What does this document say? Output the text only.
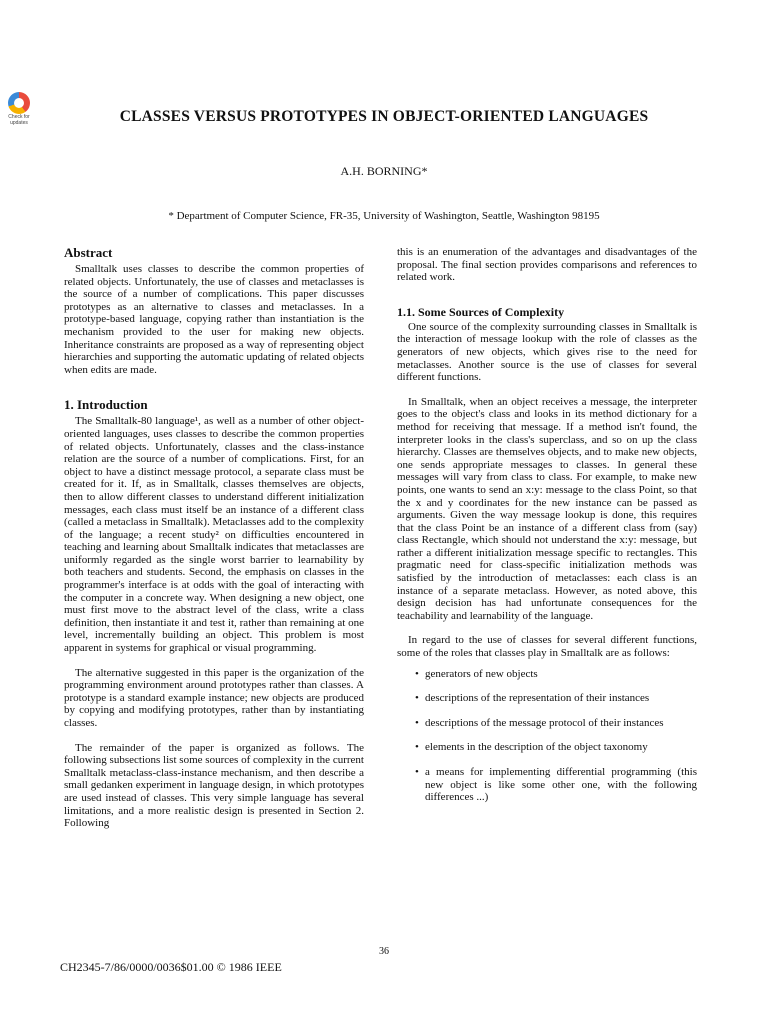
Check for
updates	CLASSES VERSUS PROTOTYPES IN OBJECT-ORIENTED LANGUAGES
A.H. BORNING*
* Department of Computer Science, FR-35, University of Washington, Seattle, Washington 98195
Abstract

Smalltalk uses classes to describe the common properties of related objects. Unfortunately, the use of classes and metaclasses is the source of a number of complications. This paper discusses prototypes as an alternative to classes and metaclasses. In a prototype-based language, copying rather than instantiation is the mechanism provided to the user for making new objects. Inheritance constraints are proposed as a way of representing object hierarchies and supporting the automatic updating of related objects when edits are made.

1. Introduction

The Smalltalk-80 language¹, as well as a number of other object-oriented languages, uses classes to describe the common properties of related objects. Unfortunately, classes and the class-instance relation are the source of a number of complications. First, for an object to have a distinct message protocol, a separate class must be created for it. If, as in Smalltalk, classes themselves are objects, then to allow different classes to understand different initialization messages, each class must itself be an instance of a different class (called a metaclass in Smalltalk). Metaclasses add to the complexity of the language; a recent study² on difficulties encountered in teaching and learning about Smalltalk indicates that metaclasses are uniformly regarded as the single worst barrier to learnability by both teachers and students. Second, the emphasis on classes in the programmer's interface is at odds with the goal of interacting with the computer in a concrete way. When designing a new object, one must first move to the abstract level of the class, write a class definition, then instantiate it and test it, rather than remaining at one level, incrementally building an object. This problem is most apparent in systems for graphical or visual programming.

The alternative suggested in this paper is the organization of the programming environment around prototypes rather than classes. A prototype is a standard example instance; new objects are produced by copying and modifying prototypes, rather than by instantiating classes.

The remainder of the paper is organized as follows. The following subsections list some sources of complexity in the current Smalltalk metaclass-class-instance mechanism, and then describe a small gedanken experiment in language design, in which prototypes are used instead of classes. This very simple language has several limitations, and a more realistic design is presented in Section 2. Following

this is an enumeration of the advantages and disadvantages of the proposal. The final section provides comparisons and references to related work.

1.1. Some Sources of Complexity

One source of the complexity surrounding classes in Smalltalk is the interaction of message lookup with the role of classes as the generators of new objects, which gives rise to the need for metaclasses. Another source is the use of classes for several different functions.

In Smalltalk, when an object receives a message, the interpreter goes to the object's class and looks in its method dictionary for a method for receiving that message. If a method isn't found, the interpreter looks in the class's superclass, and so on up the class hierarchy. Classes are themselves objects, and to make new objects, one sends appropriate messages to classes. In general these messages will vary from class to class. For example, to make new points, one wants to send an x:y: message to the class Point, so that the x and y coordinates for the new instance can be passed as arguments. Given the way message lookup is done, this requires that the class Point be an instance of a different class from (say) class Rectangle, which should not understand the x:y: message, but rather a different initialization message specific to rectangles. This pragmatic need for class-specific initialization methods was satisfied by the introduction of metaclasses: each class is an instance of a separate metaclass. However, as noted above, this design decision has had unfortunate consequences for the teachability and learnability of the language.

In regard to the use of classes for several different functions, some of the roles that classes play in Smalltalk are as follows:

• generators of new objects
• descriptions of the representation of their instances
• descriptions of the message protocol of their instances
• elements in the description of the object taxonomy
• a means for implementing differential programming (this new object is like some other one, with the following differences ...)
36
CH2345-7/86/0000/0036$01.00 © 1986 IEEE
